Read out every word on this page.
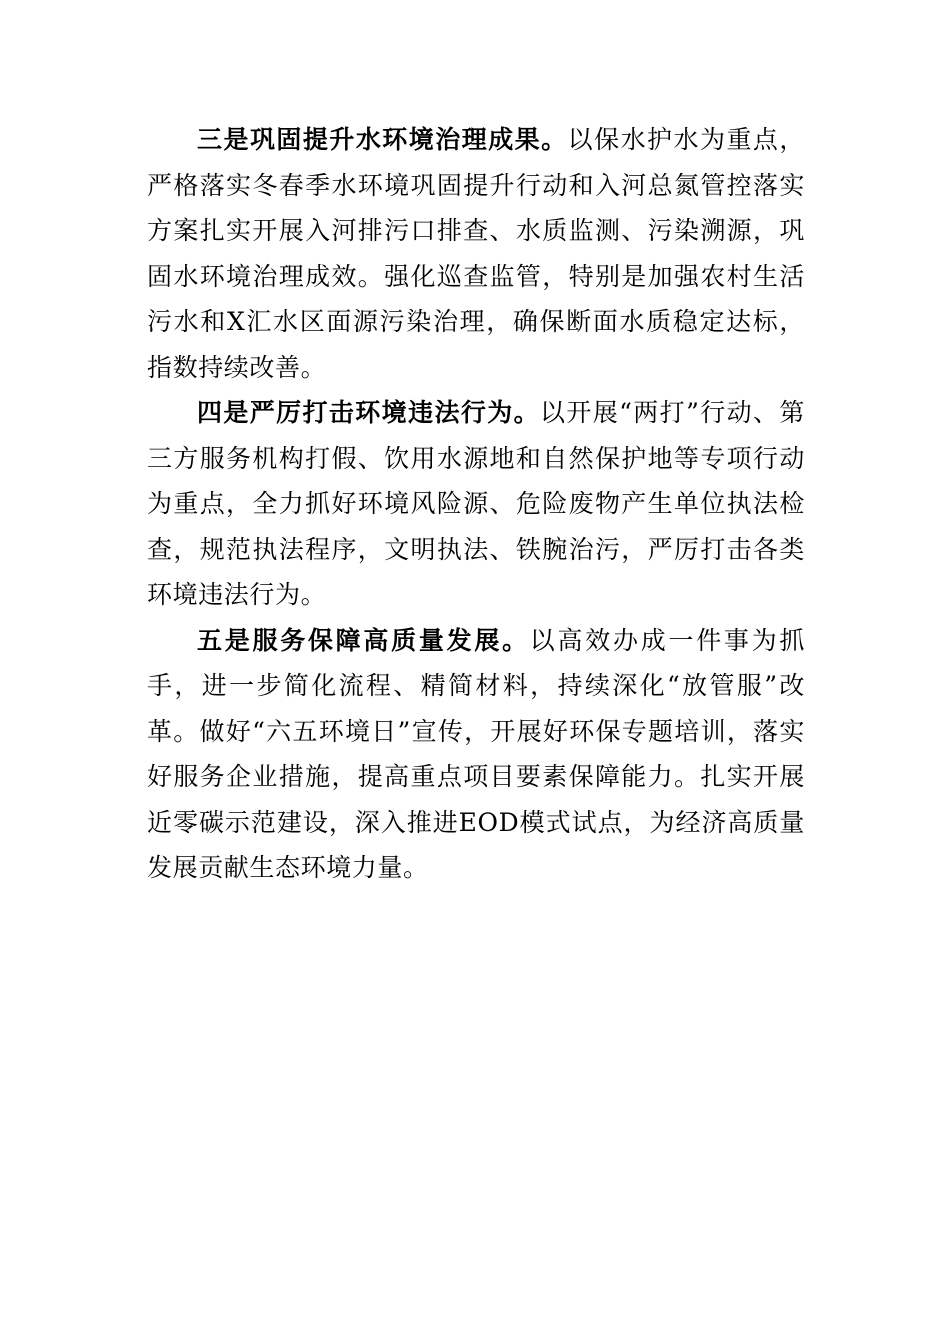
三是巩固提升水环境治理成果。以保水护水为重点，严格落实冬春季水环境巩固提升行动和入河总氮管控落实方案扎实开展入河排污口排查、水质监测、污染溯源，巩固水环境治理成效。强化巡查监管，特别是加强农村生活污水和X汇水区面源污染治理，确保断面水质稳定达标，指数持续改善。

四是严厉打击环境违法行为。以开展“两打”行动、第三方服务机构打假、饮用水源地和自然保护地等专项行动为重点，全力抓好环境风险源、危险废物产生单位执法检查，规范执法程序，文明执法、铁腕治污，严厉打击各类环境违法行为。

五是服务保障高质量发展。以高效办成一件事为抓手，进一步简化流程、精简材料，持续深化“放管服”改革。做好“六五环境日”宣传，开展好环保专题培训，落实好服务企业措施，提高重点项目要素保障能力。扎实开展近零碳示范建设，深入推进EOD模式试点，为经济高质量发展贡献生态环境力量。
